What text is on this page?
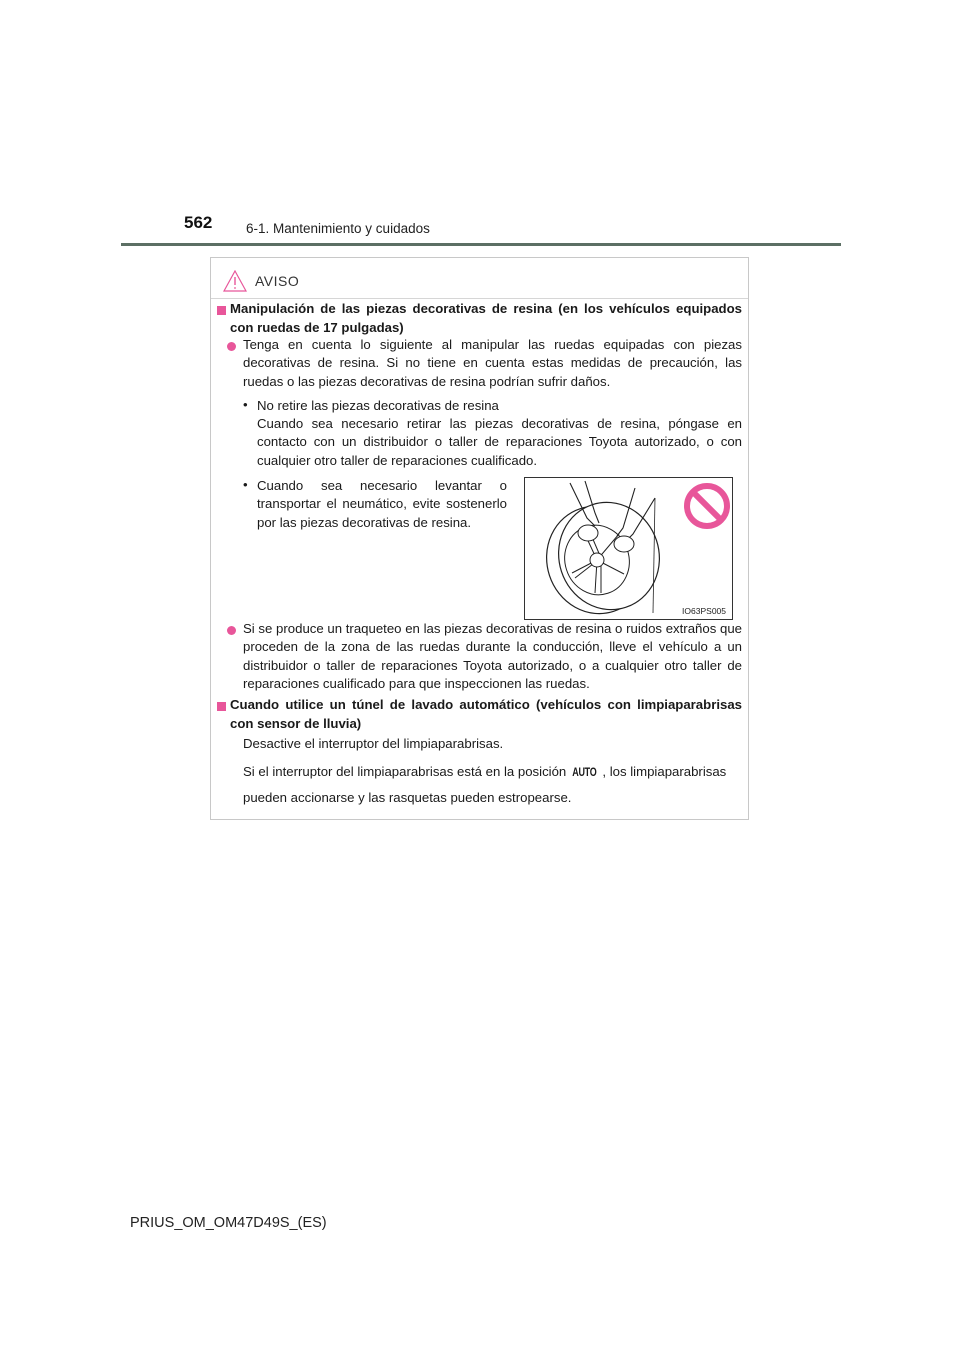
562 6-1. Mantenimiento y cuidados
AVISO
Manipulación de las piezas decorativas de resina (en los vehículos equipados
con ruedas de 17 pulgadas)
Tenga en cuenta lo siguiente al manipular las ruedas equipadas con piezas decorativas de resina. Si no tiene en cuenta estas medidas de precaución, las ruedas o las piezas decorativas de resina podrían sufrir daños.
• No retire las piezas decorativas de resina
Cuando sea necesario retirar las piezas decorativas de resina, póngase en contacto con un distribuidor o taller de reparaciones Toyota autorizado, o con cualquier otro taller de reparaciones cualificado.
• Cuando sea necesario levantar o transportar el neumático, evite sostenerlo por las piezas decorativas de resina.
IO63PS005
Si se produce un traqueteo en las piezas decorativas de resina o ruidos extraños que proceden de la zona de las ruedas durante la conducción, lleve el vehículo a un distribuidor o taller de reparaciones Toyota autorizado, o a cualquier otro taller de reparaciones cualificado para que inspeccionen las ruedas.
Cuando utilice un túnel de lavado automático (vehículos con limpiaparabrisas
con sensor de lluvia)
Desactive el interruptor del limpiaparabrisas.
Si el interruptor del limpiaparabrisas está en la posición AUTO , los limpiaparabrisas
pueden accionarse y las rasquetas pueden estropearse.
PRIUS_OM_OM47D49S_(ES)
